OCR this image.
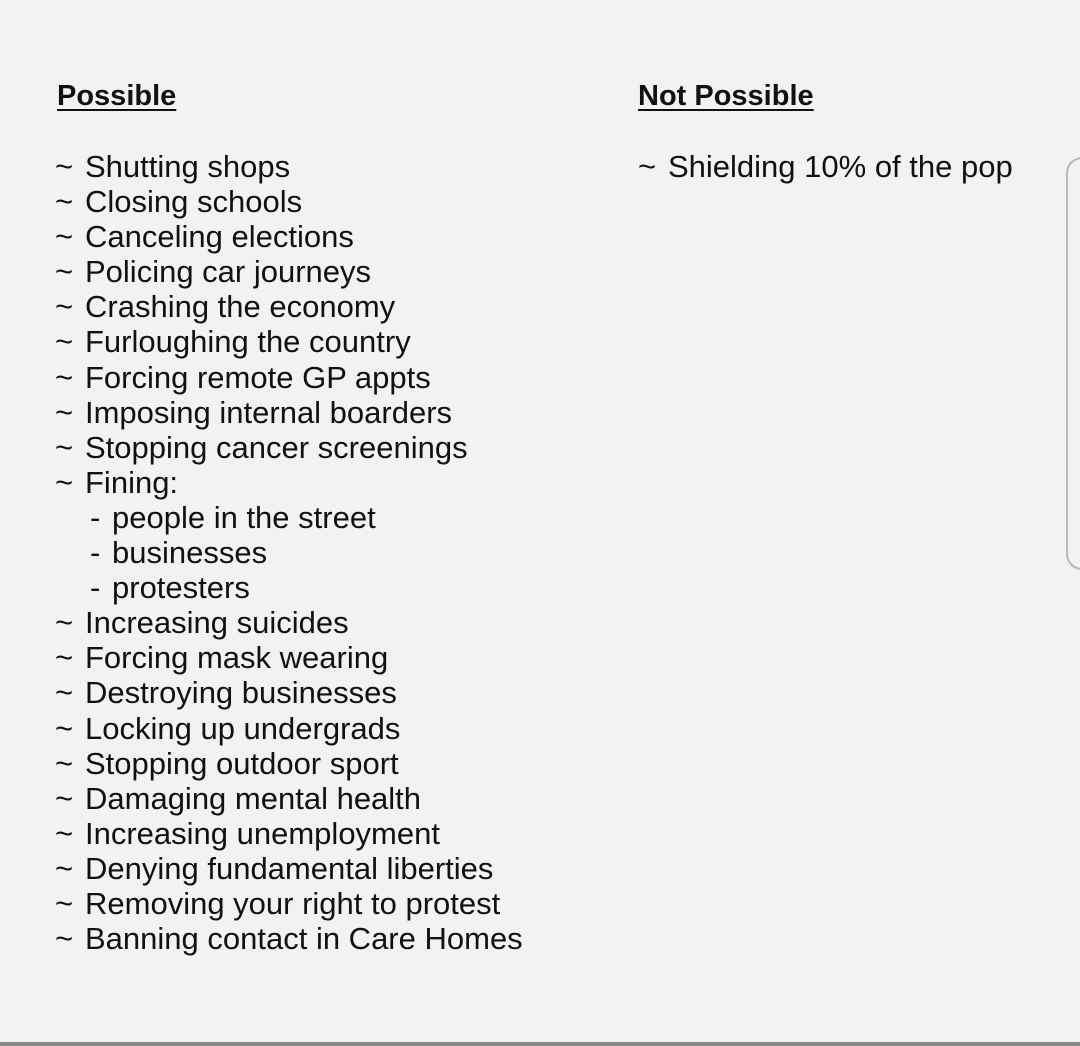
Possible	Not Possible
~ Shutting shops
~ Closing schools
~ Canceling elections
~ Policing car journeys
~ Crashing the economy
~ Furloughing the country
~ Forcing remote GP appts
~ Imposing internal boarders
~ Stopping cancer screenings
~ Fining:
- people in the street
- businesses
- protesters
~ Increasing suicides
~ Forcing mask wearing
~ Destroying businesses
~ Locking up undergrads
~ Stopping outdoor sport
~ Damaging mental health
~ Increasing unemployment
~ Denying fundamental liberties
~ Removing your right to protest
~ Banning contact in Care Homes
~ Shielding 10% of the pop
